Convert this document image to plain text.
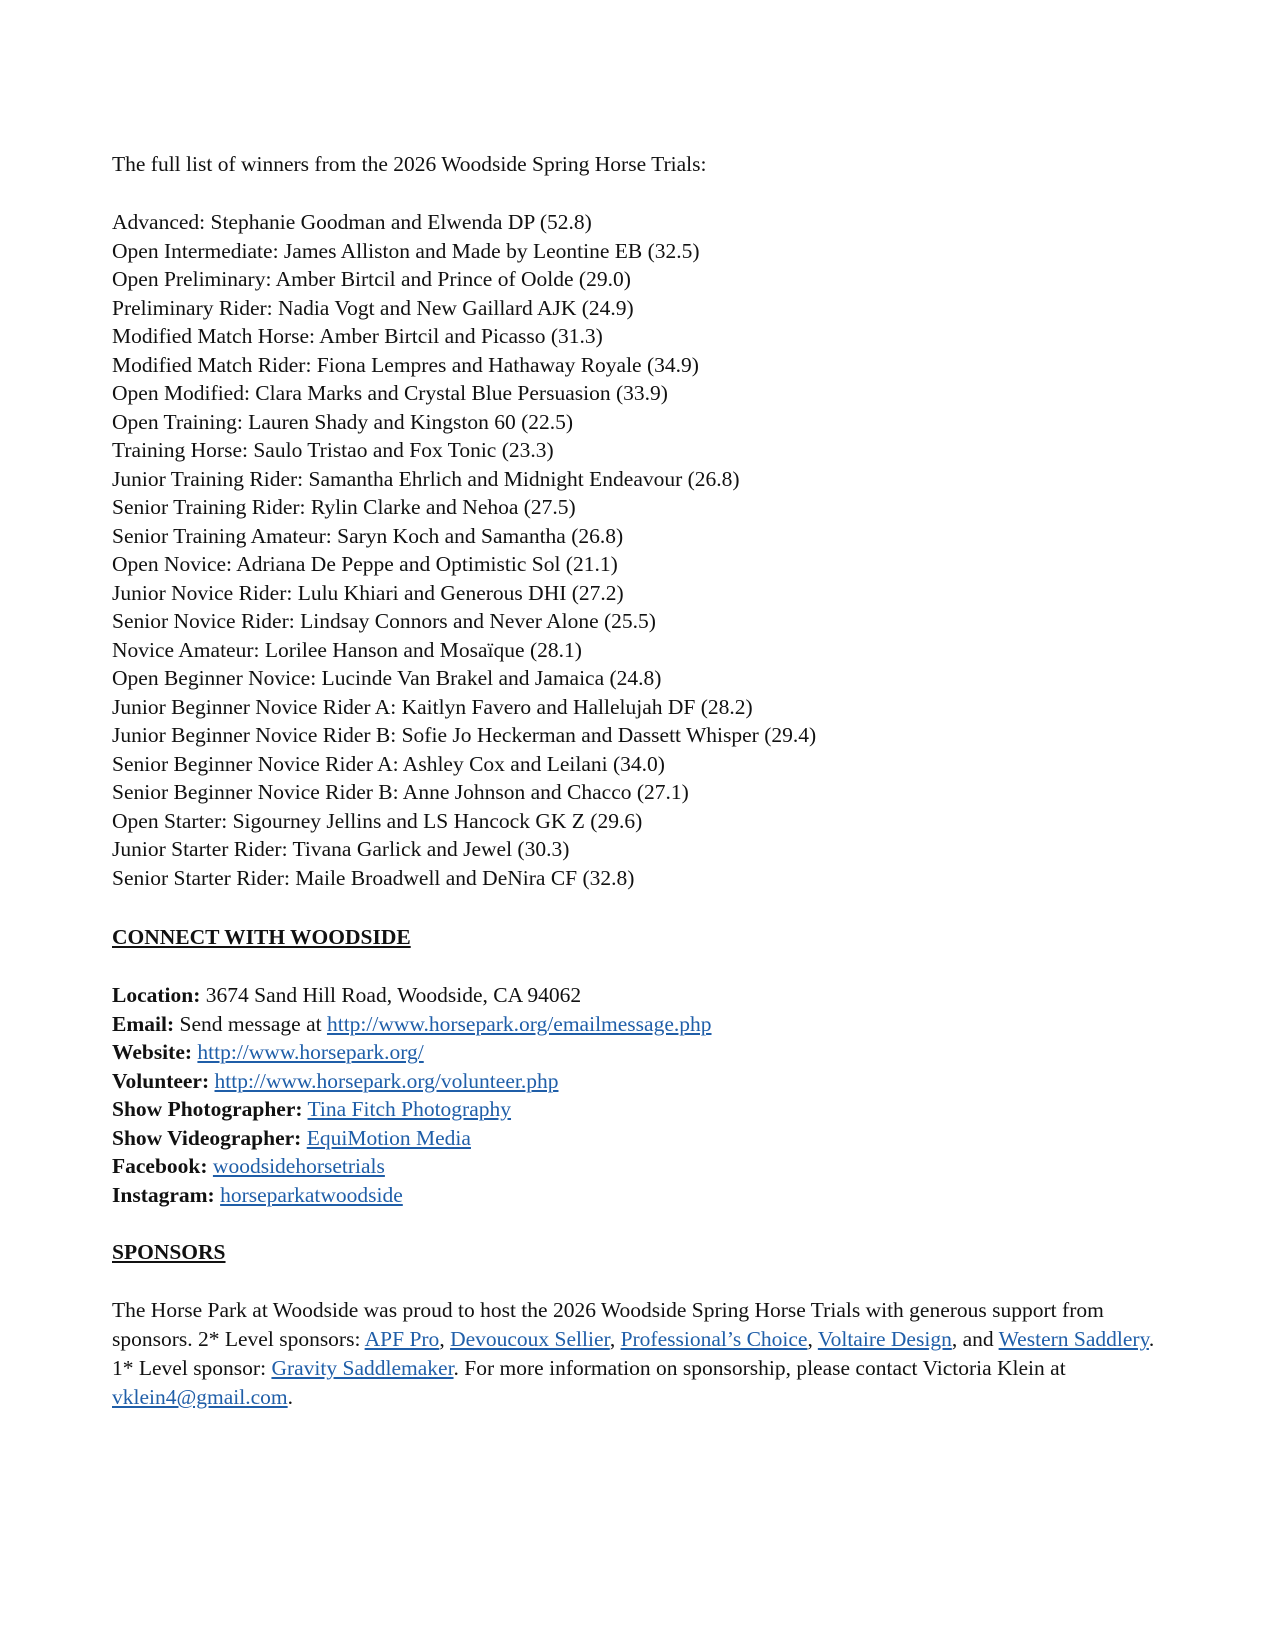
The full list of winners from the 2026 Woodside Spring Horse Trials:
Advanced: Stephanie Goodman and Elwenda DP (52.8)
Open Intermediate: James Alliston and Made by Leontine EB (32.5)
Open Preliminary: Amber Birtcil and Prince of Oolde (29.0)
Preliminary Rider: Nadia Vogt and New Gaillard AJK (24.9)
Modified Match Horse: Amber Birtcil and Picasso (31.3)
Modified Match Rider: Fiona Lempres and Hathaway Royale (34.9)
Open Modified: Clara Marks and Crystal Blue Persuasion (33.9)
Open Training: Lauren Shady and Kingston 60 (22.5)
Training Horse: Saulo Tristao and Fox Tonic (23.3)
Junior Training Rider: Samantha Ehrlich and Midnight Endeavour (26.8)
Senior Training Rider: Rylin Clarke and Nehoa (27.5)
Senior Training Amateur: Saryn Koch and Samantha (26.8)
Open Novice: Adriana De Peppe and Optimistic Sol (21.1)
Junior Novice Rider: Lulu Khiari and Generous DHI (27.2)
Senior Novice Rider: Lindsay Connors and Never Alone (25.5)
Novice Amateur: Lorilee Hanson and Mosaïque (28.1)
Open Beginner Novice: Lucinde Van Brakel and Jamaica (24.8)
Junior Beginner Novice Rider A: Kaitlyn Favero and Hallelujah DF (28.2)
Junior Beginner Novice Rider B: Sofie Jo Heckerman and Dassett Whisper (29.4)
Senior Beginner Novice Rider A: Ashley Cox and Leilani (34.0)
Senior Beginner Novice Rider B: Anne Johnson and Chacco (27.1)
Open Starter: Sigourney Jellins and LS Hancock GK Z (29.6)
Junior Starter Rider: Tivana Garlick and Jewel (30.3)
Senior Starter Rider: Maile Broadwell and DeNira CF (32.8)
CONNECT WITH WOODSIDE
Location: 3674 Sand Hill Road, Woodside, CA 94062
Email: Send message at http://www.horsepark.org/emailmessage.php
Website: http://www.horsepark.org/
Volunteer: http://www.horsepark.org/volunteer.php
Show Photographer: Tina Fitch Photography
Show Videographer: EquiMotion Media
Facebook: woodsidehorsetrials
Instagram: horseparkatwoodside
SPONSORS
The Horse Park at Woodside was proud to host the 2026 Woodside Spring Horse Trials with generous support from sponsors. 2* Level sponsors: APF Pro, Devoucoux Sellier, Professional’s Choice, Voltaire Design, and Western Saddlery. 1* Level sponsor: Gravity Saddlemaker. For more information on sponsorship, please contact Victoria Klein at vklein4@gmail.com.
